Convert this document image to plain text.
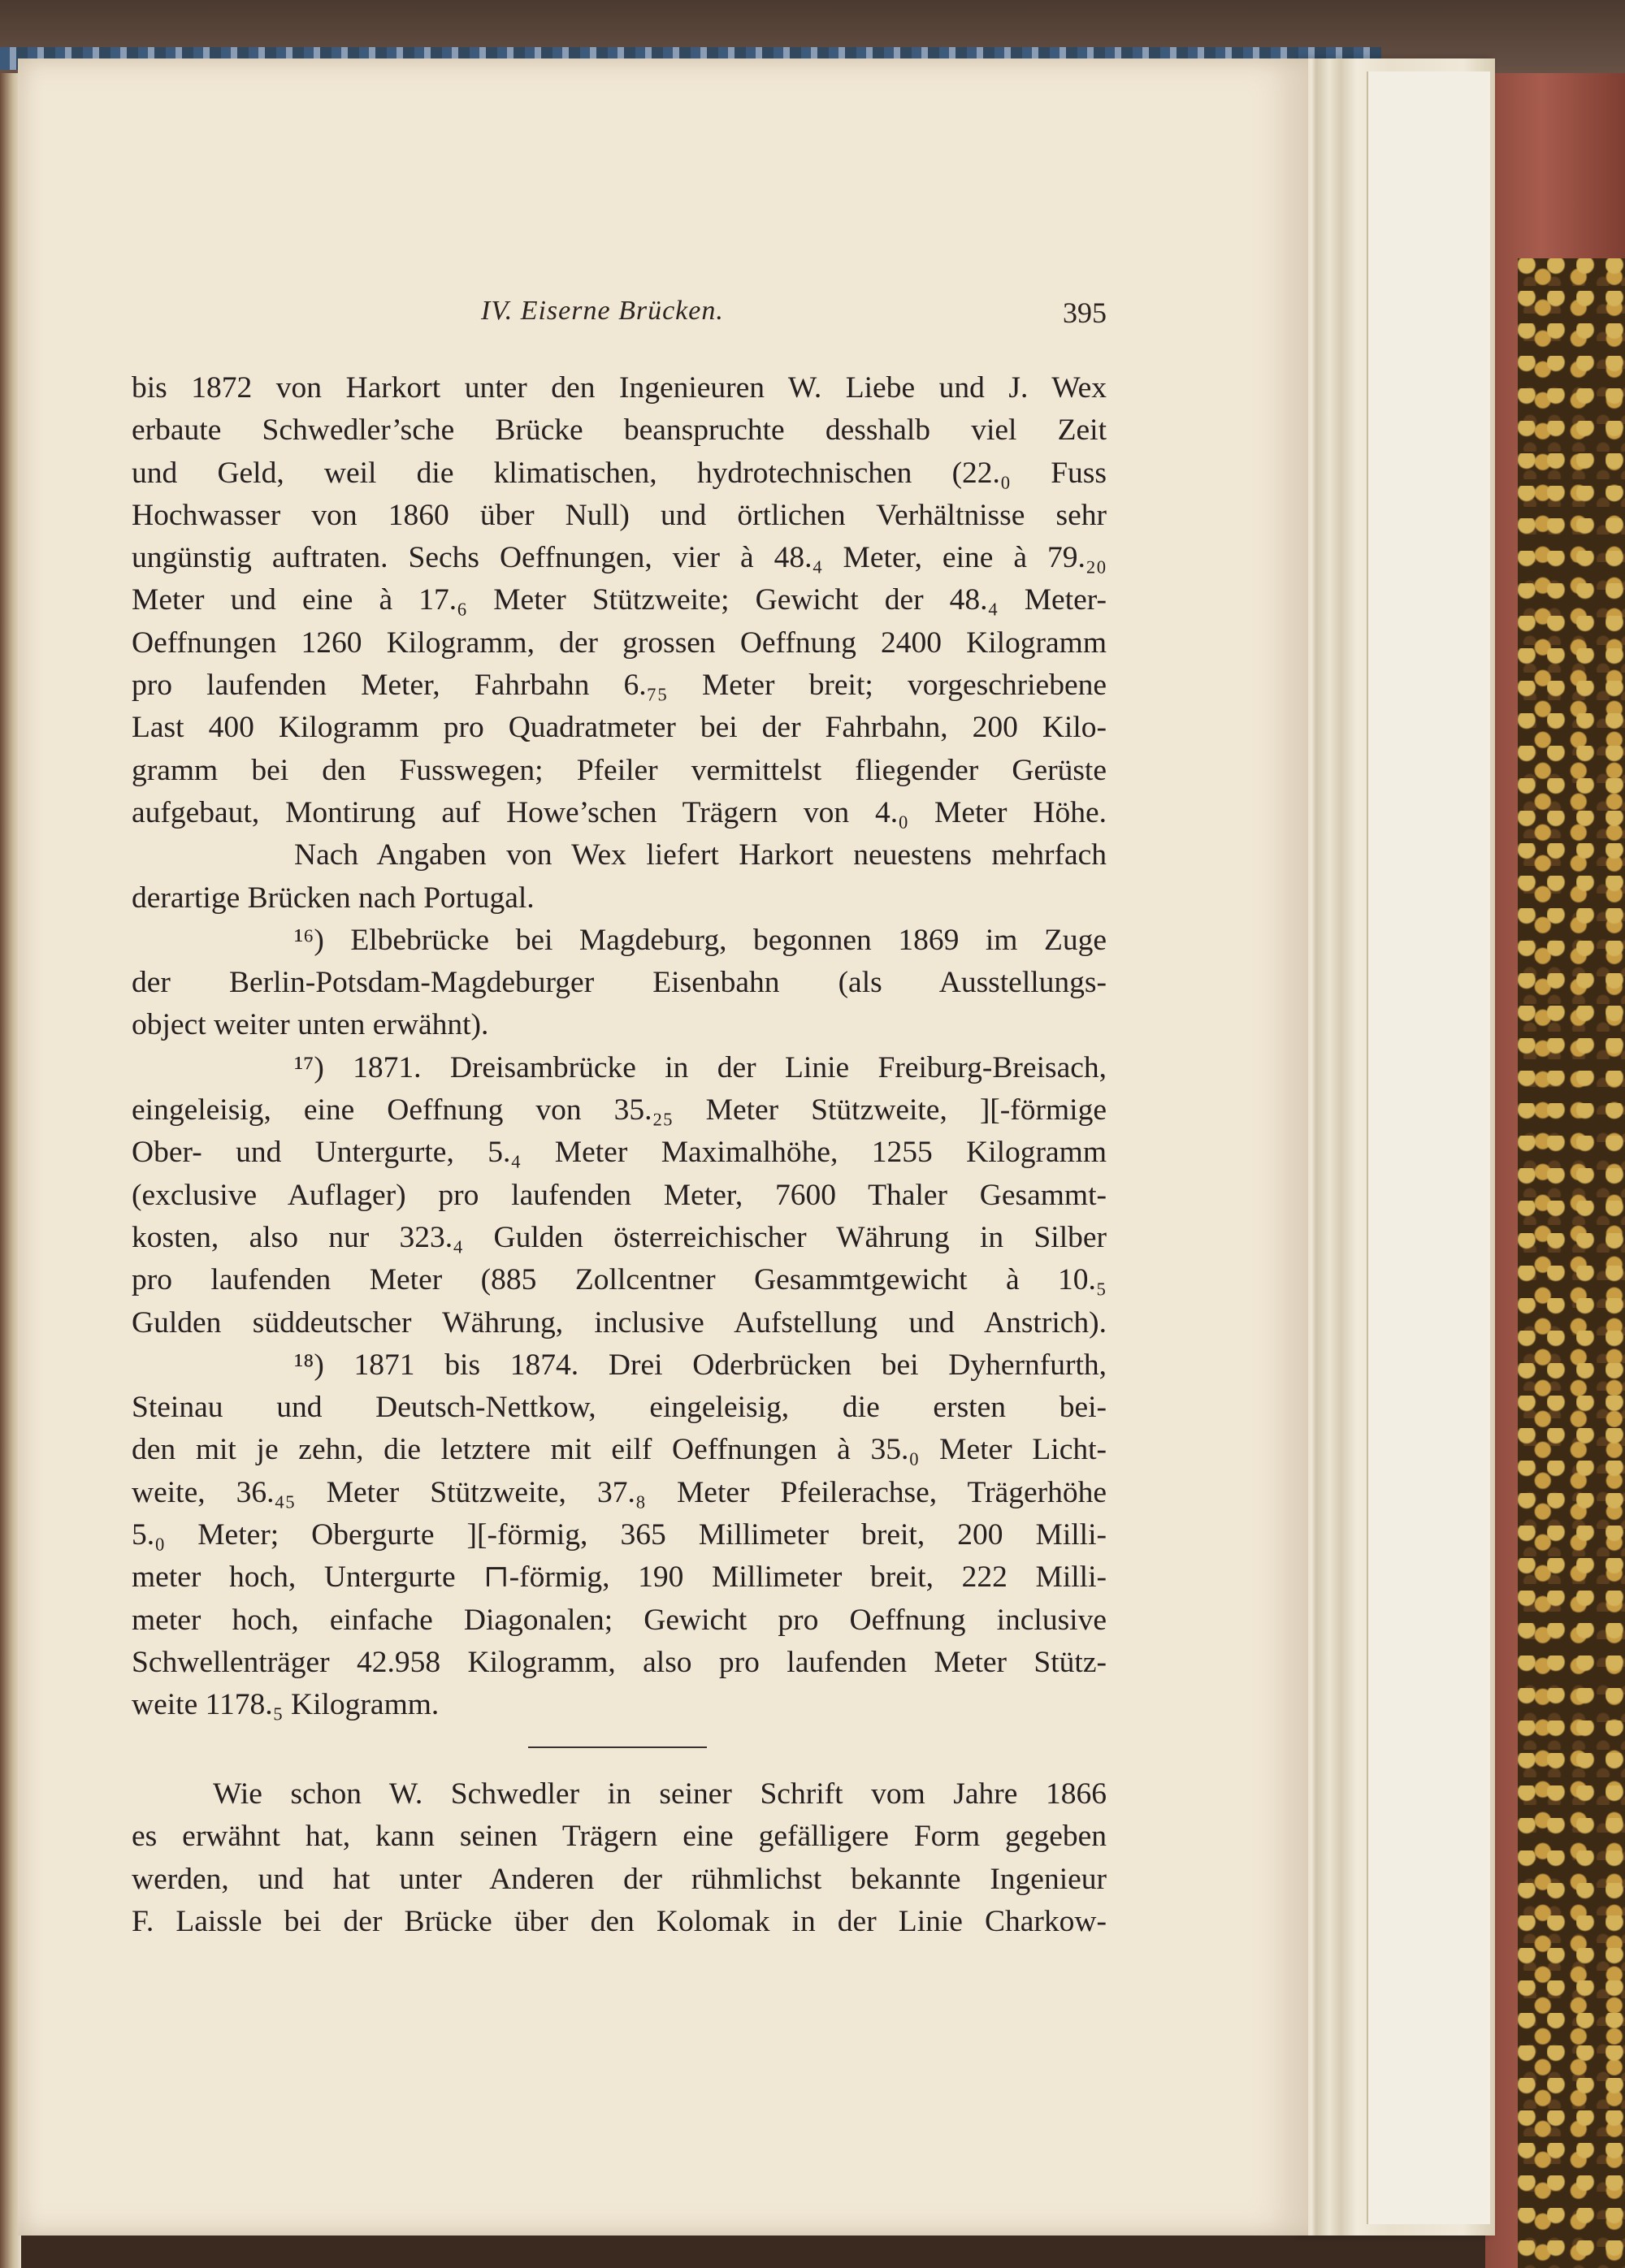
IV. Eiserne Brücken.	395
bis 1872 von Harkort unter den Ingenieuren W. Liebe und J. Wex
erbaute Schwedler’sche Brücke beanspruchte desshalb viel Zeit
und Geld, weil die klimatischen, hydrotechnischen (22.₀ Fuss
Hochwasser von 1860 über Null) und örtlichen Verhältnisse sehr
ungünstig auftraten. Sechs Oeffnungen, vier à 48.₄ Meter, eine à 79.₂₀
Meter und eine à 17.₆ Meter Stützweite; Gewicht der 48.₄ Meter-
Oeffnungen 1260 Kilogramm, der grossen Oeffnung 2400 Kilogramm
pro laufenden Meter, Fahrbahn 6.₇₅ Meter breit; vorgeschriebene
Last 400 Kilogramm pro Quadratmeter bei der Fahrbahn, 200 Kilo-
gramm bei den Fusswegen; Pfeiler vermittelst fliegender Gerüste
aufgebaut, Montirung auf Howe’schen Trägern von 4.₀ Meter Höhe.
Nach Angaben von Wex liefert Harkort neuestens mehrfach
derartige Brücken nach Portugal.
¹⁶) Elbebrücke bei Magdeburg, begonnen 1869 im Zuge
der Berlin-Potsdam-Magdeburger Eisenbahn (als Ausstellungs-
object weiter unten erwähnt).
¹⁷) 1871. Dreisambrücke in der Linie Freiburg-Breisach,
eingeleisig, eine Oeffnung von 35.₂₅ Meter Stützweite, ][-förmige
Ober- und Untergurte, 5.₄ Meter Maximalhöhe, 1255 Kilogramm
(exclusive Auflager) pro laufenden Meter, 7600 Thaler Gesammt-
kosten, also nur 323.₄ Gulden österreichischer Währung in Silber
pro laufenden Meter (885 Zollcentner Gesammtgewicht à 10.₅
Gulden süddeutscher Währung, inclusive Aufstellung und Anstrich).
¹⁸) 1871 bis 1874. Drei Oderbrücken bei Dyhernfurth,
Steinau und Deutsch-Nettkow, eingeleisig, die ersten bei-
den mit je zehn, die letztere mit eilf Oeffnungen à 35.₀ Meter Licht-
weite, 36.₄₅ Meter Stützweite, 37.₈ Meter Pfeilerachse, Trägerhöhe
5.₀ Meter; Obergurte ][-förmig, 365 Millimeter breit, 200 Milli-
meter hoch, Untergurte ⊓-förmig, 190 Millimeter breit, 222 Milli-
meter hoch, einfache Diagonalen; Gewicht pro Oeffnung inclusive
Schwellenträger 42.958 Kilogramm, also pro laufenden Meter Stütz-
weite 1178.₅ Kilogramm.
Wie schon W. Schwedler in seiner Schrift vom Jahre 1866
es erwähnt hat, kann seinen Trägern eine gefälligere Form gegeben
werden, und hat unter Anderen der rühmlichst bekannte Ingenieur
F. Laissle bei der Brücke über den Kolomak in der Linie Charkow-
